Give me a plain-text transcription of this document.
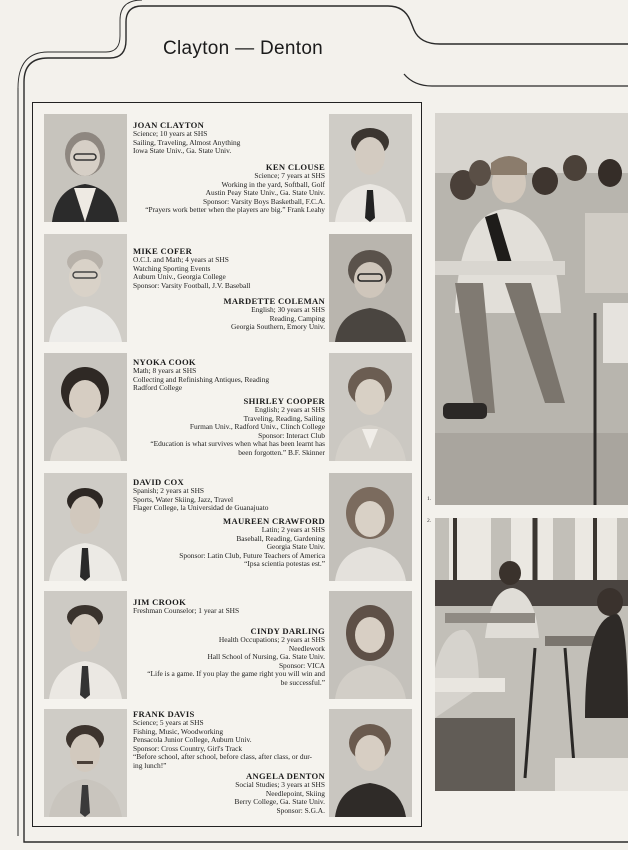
Clayton — Denton
JOAN CLAYTON
Science; 10 years at SHS
Sailing, Traveling, Almost Anything
Iowa State Univ., Ga. State Univ.
KEN CLOUSE
Science; 7 years at SHS
Working in the yard, Softball, Golf
Austin Peay State Univ., Ga. State Univ.
Sponsor: Varsity Boys Basketball, F.C.A.
“Prayers work better when the players are big.” Frank Leahy
MIKE COFER
O.C.I. and Math; 4 years at SHS
Watching Sporting Events
Auburn Univ., Georgia College
Sponsor: Varsity Football, J.V. Baseball
MARDETTE COLEMAN
English; 30 years at SHS
Reading, Camping
Georgia Southern, Emory Univ.
NYOKA COOK
Math; 8 years at SHS
Collecting and Refinishing Antiques, Reading
Radford College
SHIRLEY COOPER
English; 2 years at SHS
Traveling, Reading, Sailing
Furman Univ., Radford Univ., Clinch College
Sponsor: Interact Club
“Education is what survives when what has been learnt has
been forgotten.” B.F. Skinner
DAVID COX
Spanish; 2 years at SHS
Sports, Water Skiing, Jazz, Travel
Flager College, la Universidad de Guanajuato
MAUREEN CRAWFORD
Latin; 2 years at SHS
Baseball, Reading, Gardening
Georgia State Univ.
Sponsor: Latin Club, Future Teachers of America
“Ipsa scientia potestas est.”
JIM CROOK
Freshman Counselor; 1 year at SHS
CINDY DARLING
Health Occupations; 2 years at SHS
Needlework
Hall School of Nursing, Ga. State Univ.
Sponsor: VICA
“Life is a game. If you play the game right you will win and
be successful.”
FRANK DAVIS
Science; 5 years at SHS
Fishing, Music, Woodworking
Pensacola Junior College, Auburn Univ.
Sponsor: Cross Country, Girl's Track
“Before school, after school, before class, after class, or dur-
ing lunch!”
ANGELA DENTON
Social Studies; 3 years at SHS
Needlepoint, Skiing
Berry College, Ga. State Univ.
Sponsor: S.G.A.
1.
2.
